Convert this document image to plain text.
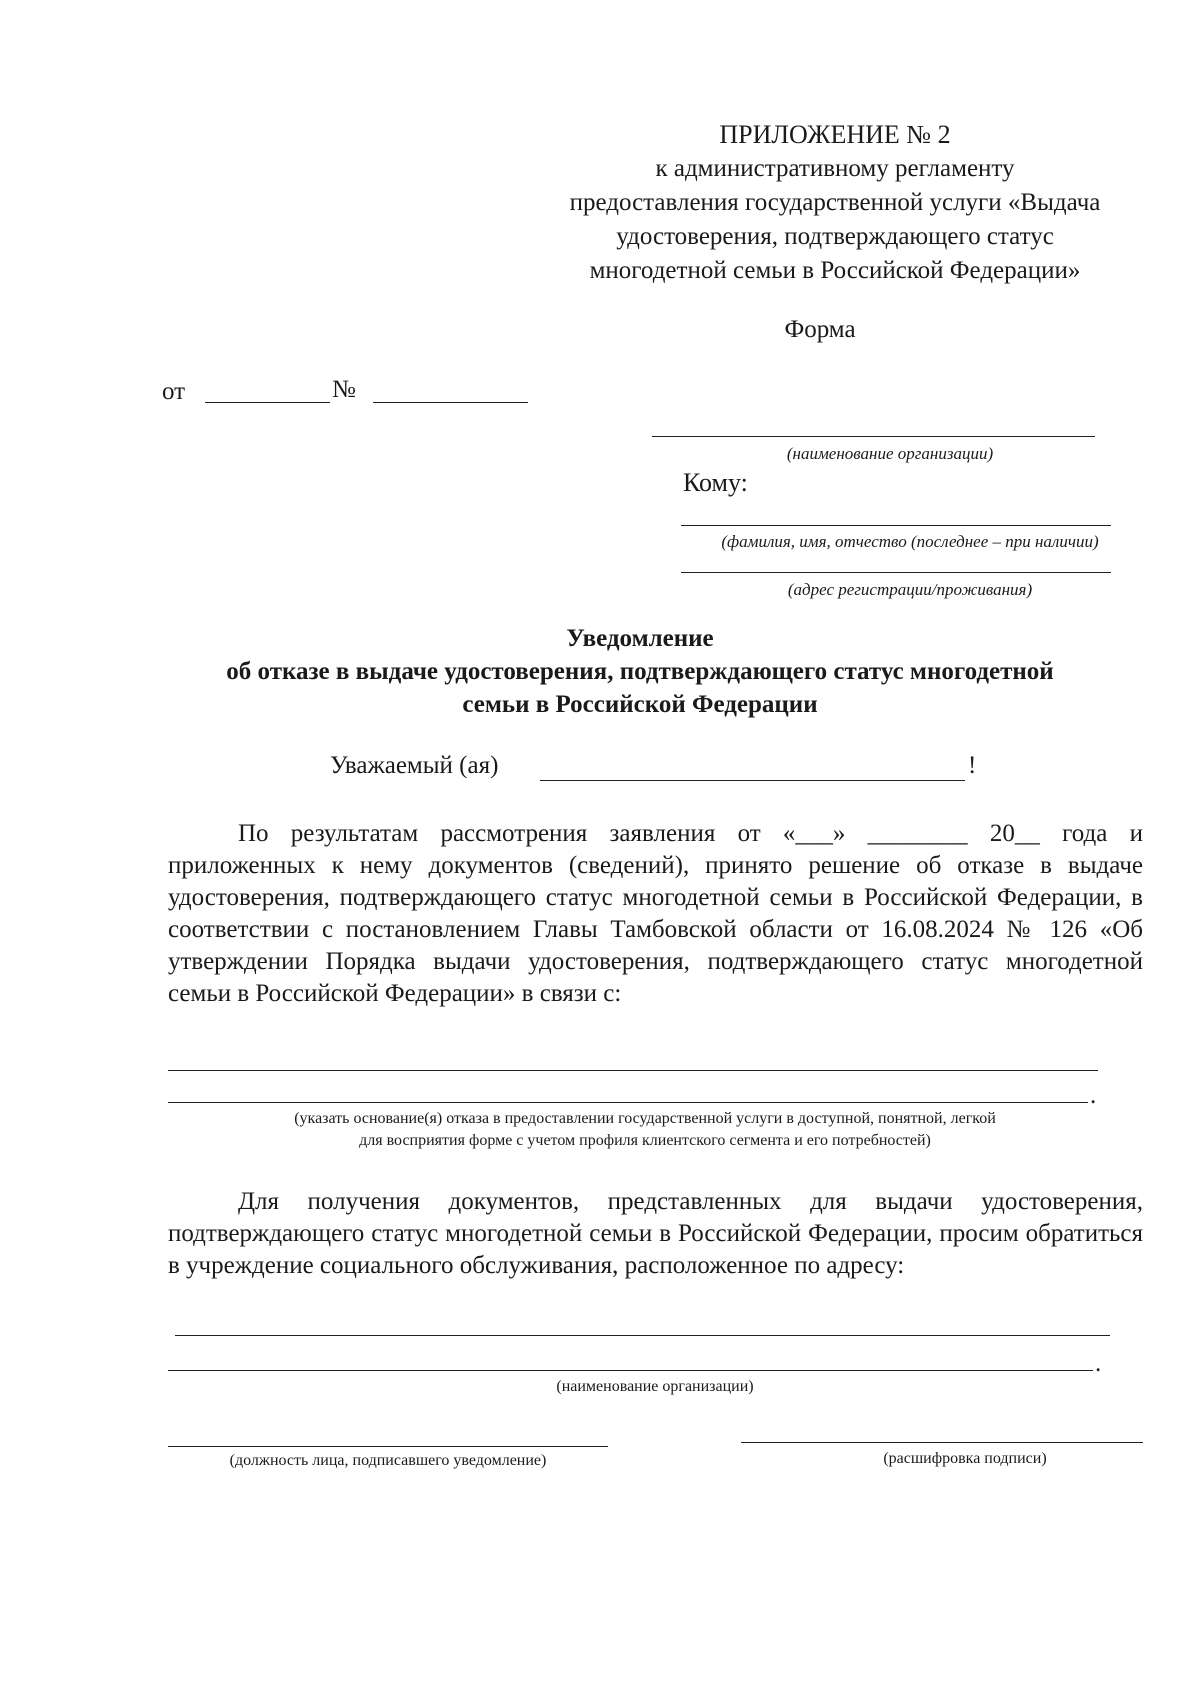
ПРИЛОЖЕНИЕ № 2
к административному регламенту
предоставления государственной услуги «Выдача
удостоверения, подтверждающего статус
многодетной семьи в Российской Федерации»
Форма
от	№
(наименование организации)
Кому:
(фамилия, имя, отчество (последнее – при наличии)
(адрес регистрации/проживания)
Уведомление
об отказе в выдаче удостоверения, подтверждающего статус многодетной
семьи в Российской Федерации
Уважаемый (ая)	!
По результатам рассмотрения заявления от «___» ________ 20__ года и приложенных к нему документов (сведений), принято решение об отказе в выдаче удостоверения, подтверждающего статус многодетной семьи в Российской Федерации, в соответствии с постановлением Главы Тамбовской области от 16.08.2024 № 126 «Об утверждении Порядка выдачи удостоверения, подтверждающего статус многодетной семьи в Российской Федерации» в связи с:
.
(указать основание(я) отказа в предоставлении государственной услуги в доступной, понятной, легкой
для восприятия форме с учетом профиля клиентского сегмента и его потребностей)
Для получения документов, представленных для выдачи удостоверения, подтверждающего статус многодетной семьи в Российской Федерации, просим обратиться в учреждение социального обслуживания, расположенное по адресу:
.
(наименование организации)
(должность лица, подписавшего уведомление)	(расшифровка подписи)
